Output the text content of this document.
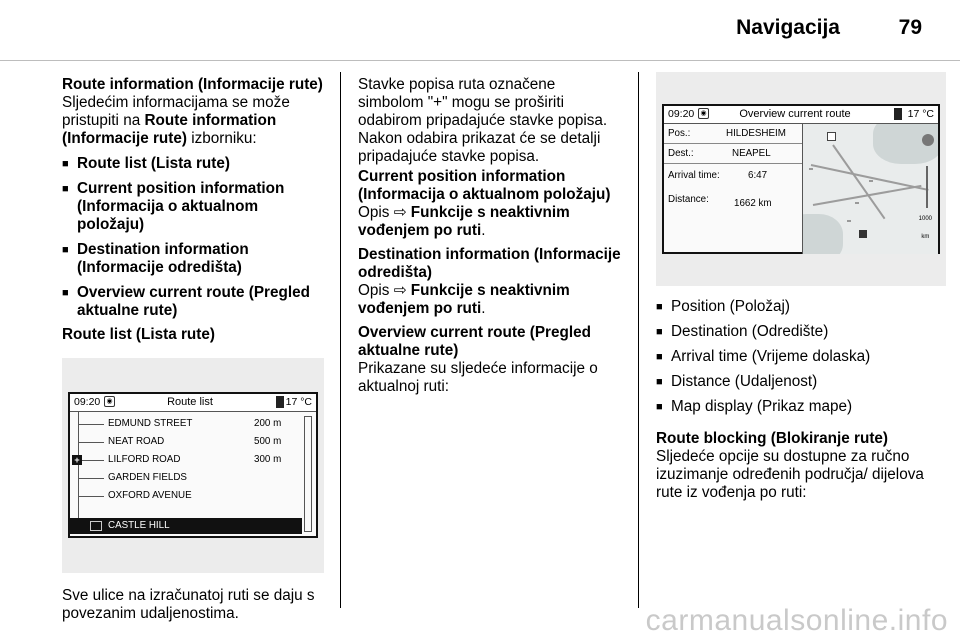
Navigacija	79
Route information (Informacije rute)
Sljedećim informacijama se može pristupiti na Route information (Informacije rute) izborniku:
■ Route list (Lista rute)
■ Current position information (Informacija o aktualnom položaju)
■ Destination information (Informacije odredišta)
■ Overview current route (Pregled aktualne rute)
Route list (Lista rute)
09:20 ◉	Route list	17 °C
+
EDMUND STREET	200 m
NEAT ROAD	500 m
LILFORD ROAD	300 m
GARDEN FIELDS
OXFORD AVENUE
CASTLE HILL
Sve ulice na izračunatoj ruti se daju s povezanim udaljenostima.
Stavke popisa ruta označene simbolom "+" mogu se proširiti odabirom pripadajuće stavke popisa. Nakon odabira prikazat će se detalji pripadajuće stavke popisa.
Current position information (Informacija o aktualnom položaju)
Opis ⇨ Funkcije s neaktivnim vođenjem po ruti.
Destination information (Informacije odredišta)
Opis ⇨ Funkcije s neaktivnim vođenjem po ruti.
Overview current route (Pregled aktualne rute)
Prikazane su sljedeće informacije o aktualnoj ruti:
09:20 ◉	Overview current route	17 °C
Pos.:	HILDESHEIM
Dest.:	NEAPEL
Arrival time:	6:47
Distance:	1662 km
1000
km
■ Position (Položaj)
■ Destination (Odredište)
■ Arrival time (Vrijeme dolaska)
■ Distance (Udaljenost)
■ Map display (Prikaz mape)
Route blocking (Blokiranje rute)
Sljedeće opcije su dostupne za ručno izuzimanje određenih područja/ dijelova rute iz vođenja po ruti:
carmanualsonline.info
